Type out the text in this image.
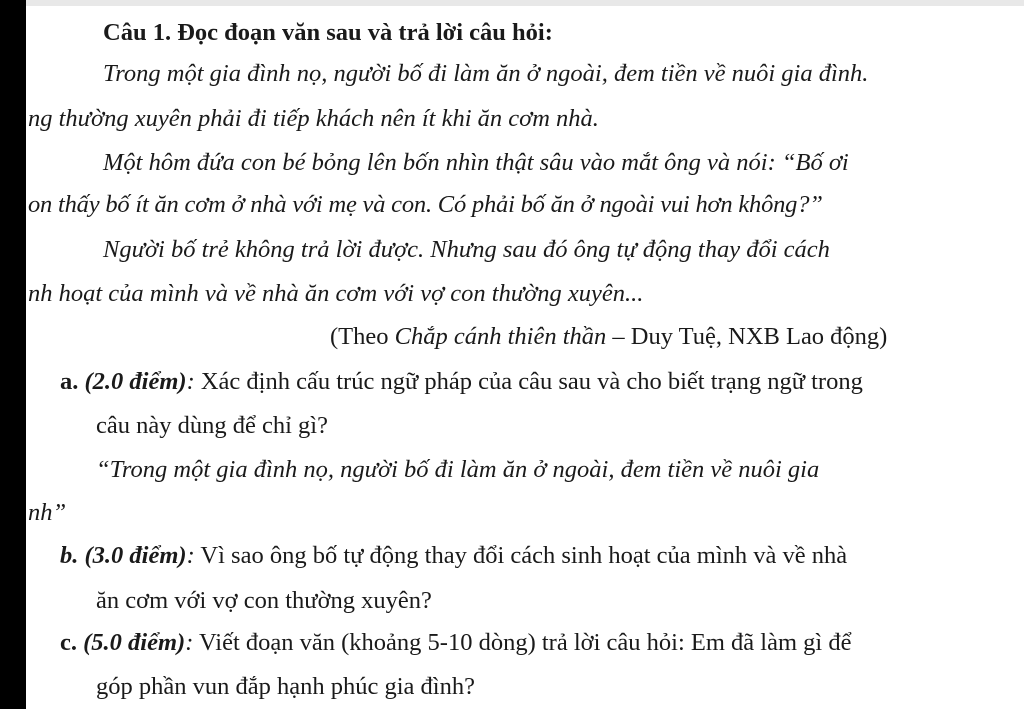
Câu 1. Đọc đoạn văn sau và trả lời câu hỏi:
Trong một gia đình nọ, người bố đi làm ăn ở ngoài, đem tiền về nuôi gia đình.
ng thường xuyên phải đi tiếp khách nên ít khi ăn cơm nhà.
Một hôm đứa con bé bỏng lên bốn nhìn thật sâu vào mắt ông và nói: “Bố ơi
on thấy bố ít ăn cơm ở nhà với mẹ và con. Có phải bố ăn ở ngoài vui hơn không?”
Người bố trẻ không trả lời được. Nhưng sau đó ông tự động thay đổi cách
nh hoạt của mình và về nhà ăn cơm với vợ con thường xuyên...
(Theo Chắp cánh thiên thần – Duy Tuệ, NXB Lao động)
a. (2.0 điểm): Xác định cấu trúc ngữ pháp của câu sau và cho biết trạng ngữ trong
câu này dùng để chỉ gì?
“Trong một gia đình nọ, người bố đi làm ăn ở ngoài, đem tiền về nuôi gia
nh”
b. (3.0 điểm): Vì sao ông bố tự động thay đổi cách sinh hoạt của mình và về nhà
ăn cơm với vợ con thường xuyên?
c. (5.0 điểm): Viết đoạn văn (khoảng 5-10 dòng) trả lời câu hỏi: Em đã làm gì để
góp phần vun đắp hạnh phúc gia đình?
